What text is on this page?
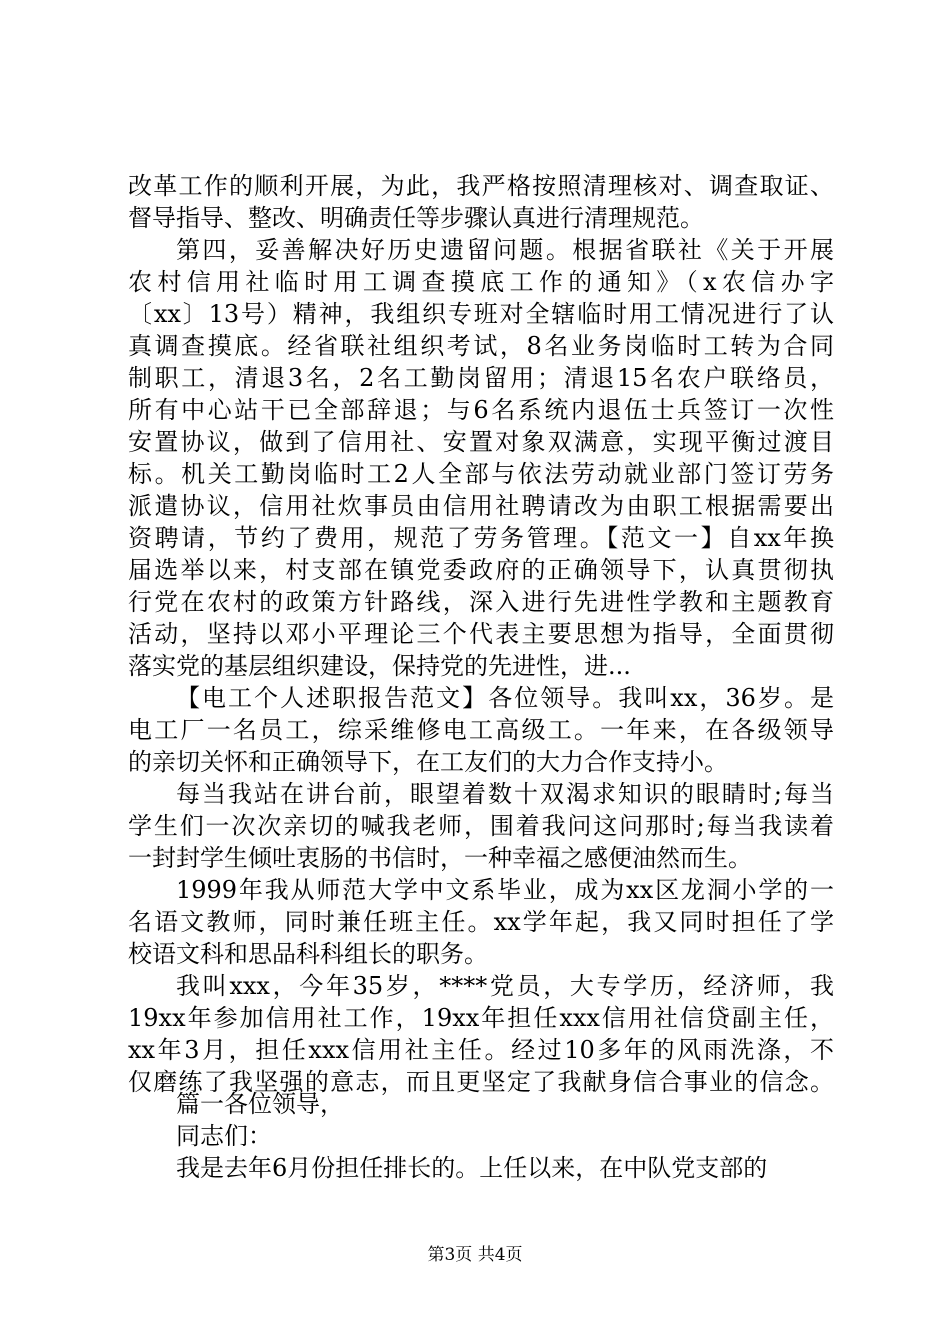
改革工作的顺利开展，为此，我严格按照清理核对、调查取证、
督导指导、整改、明确责任等步骤认真进行清理规范。
第四，妥善解决好历史遗留问题。根据省联社《关于开展
农村信用社临时用工调查摸底工作的通知》（x农信办字
〔xx〕13号）精神，我组织专班对全辖临时用工情况进行了认
真调查摸底。经省联社组织考试，8名业务岗临时工转为合同
制职工，清退3名，2名工勤岗留用；清退15名农户联络员，
所有中心站干已全部辞退；与6名系统内退伍士兵签订一次性
安置协议，做到了信用社、安置对象双满意，实现平衡过渡目
标。机关工勤岗临时工2人全部与依法劳动就业部门签订劳务
派遣协议，信用社炊事员由信用社聘请改为由职工根据需要出
资聘请，节约了费用，规范了劳务管理。【范文一】自xx年换
届选举以来，村支部在镇党委政府的正确领导下，认真贯彻执
行党在农村的政策方针路线，深入进行先进性学教和主题教育
活动，坚持以邓小平理论三个代表主要思想为指导，全面贯彻
落实党的基层组织建设，保持党的先进性，进...
【电工个人述职报告范文】各位领导。我叫xx，36岁。是
电工厂一名员工，综采维修电工高级工。一年来，在各级领导
的亲切关怀和正确领导下，在工友们的大力合作支持小。
每当我站在讲台前，眼望着数十双渴求知识的眼睛时;每当
学生们一次次亲切的喊我老师，围着我问这问那时;每当我读着
一封封学生倾吐衷肠的书信时，一种幸福之感便油然而生。
1999年我从师范大学中文系毕业，成为xx区龙洞小学的一
名语文教师，同时兼任班主任。xx学年起，我又同时担任了学
校语文科和思品科科组长的职务。
我叫xxx，今年35岁，****党员，大专学历，经济师，我
19xx年参加信用社工作，19xx年担任xxx信用社信贷副主任，
xx年3月，担任xxx信用社主任。经过10多年的风雨洗涤，不
仅磨练了我坚强的意志，而且更坚定了我献身信合事业的信念。
篇一各位领导，
同志们：
我是去年6月份担任排长的。上任以来，在中队党支部的
第3页 共4页
